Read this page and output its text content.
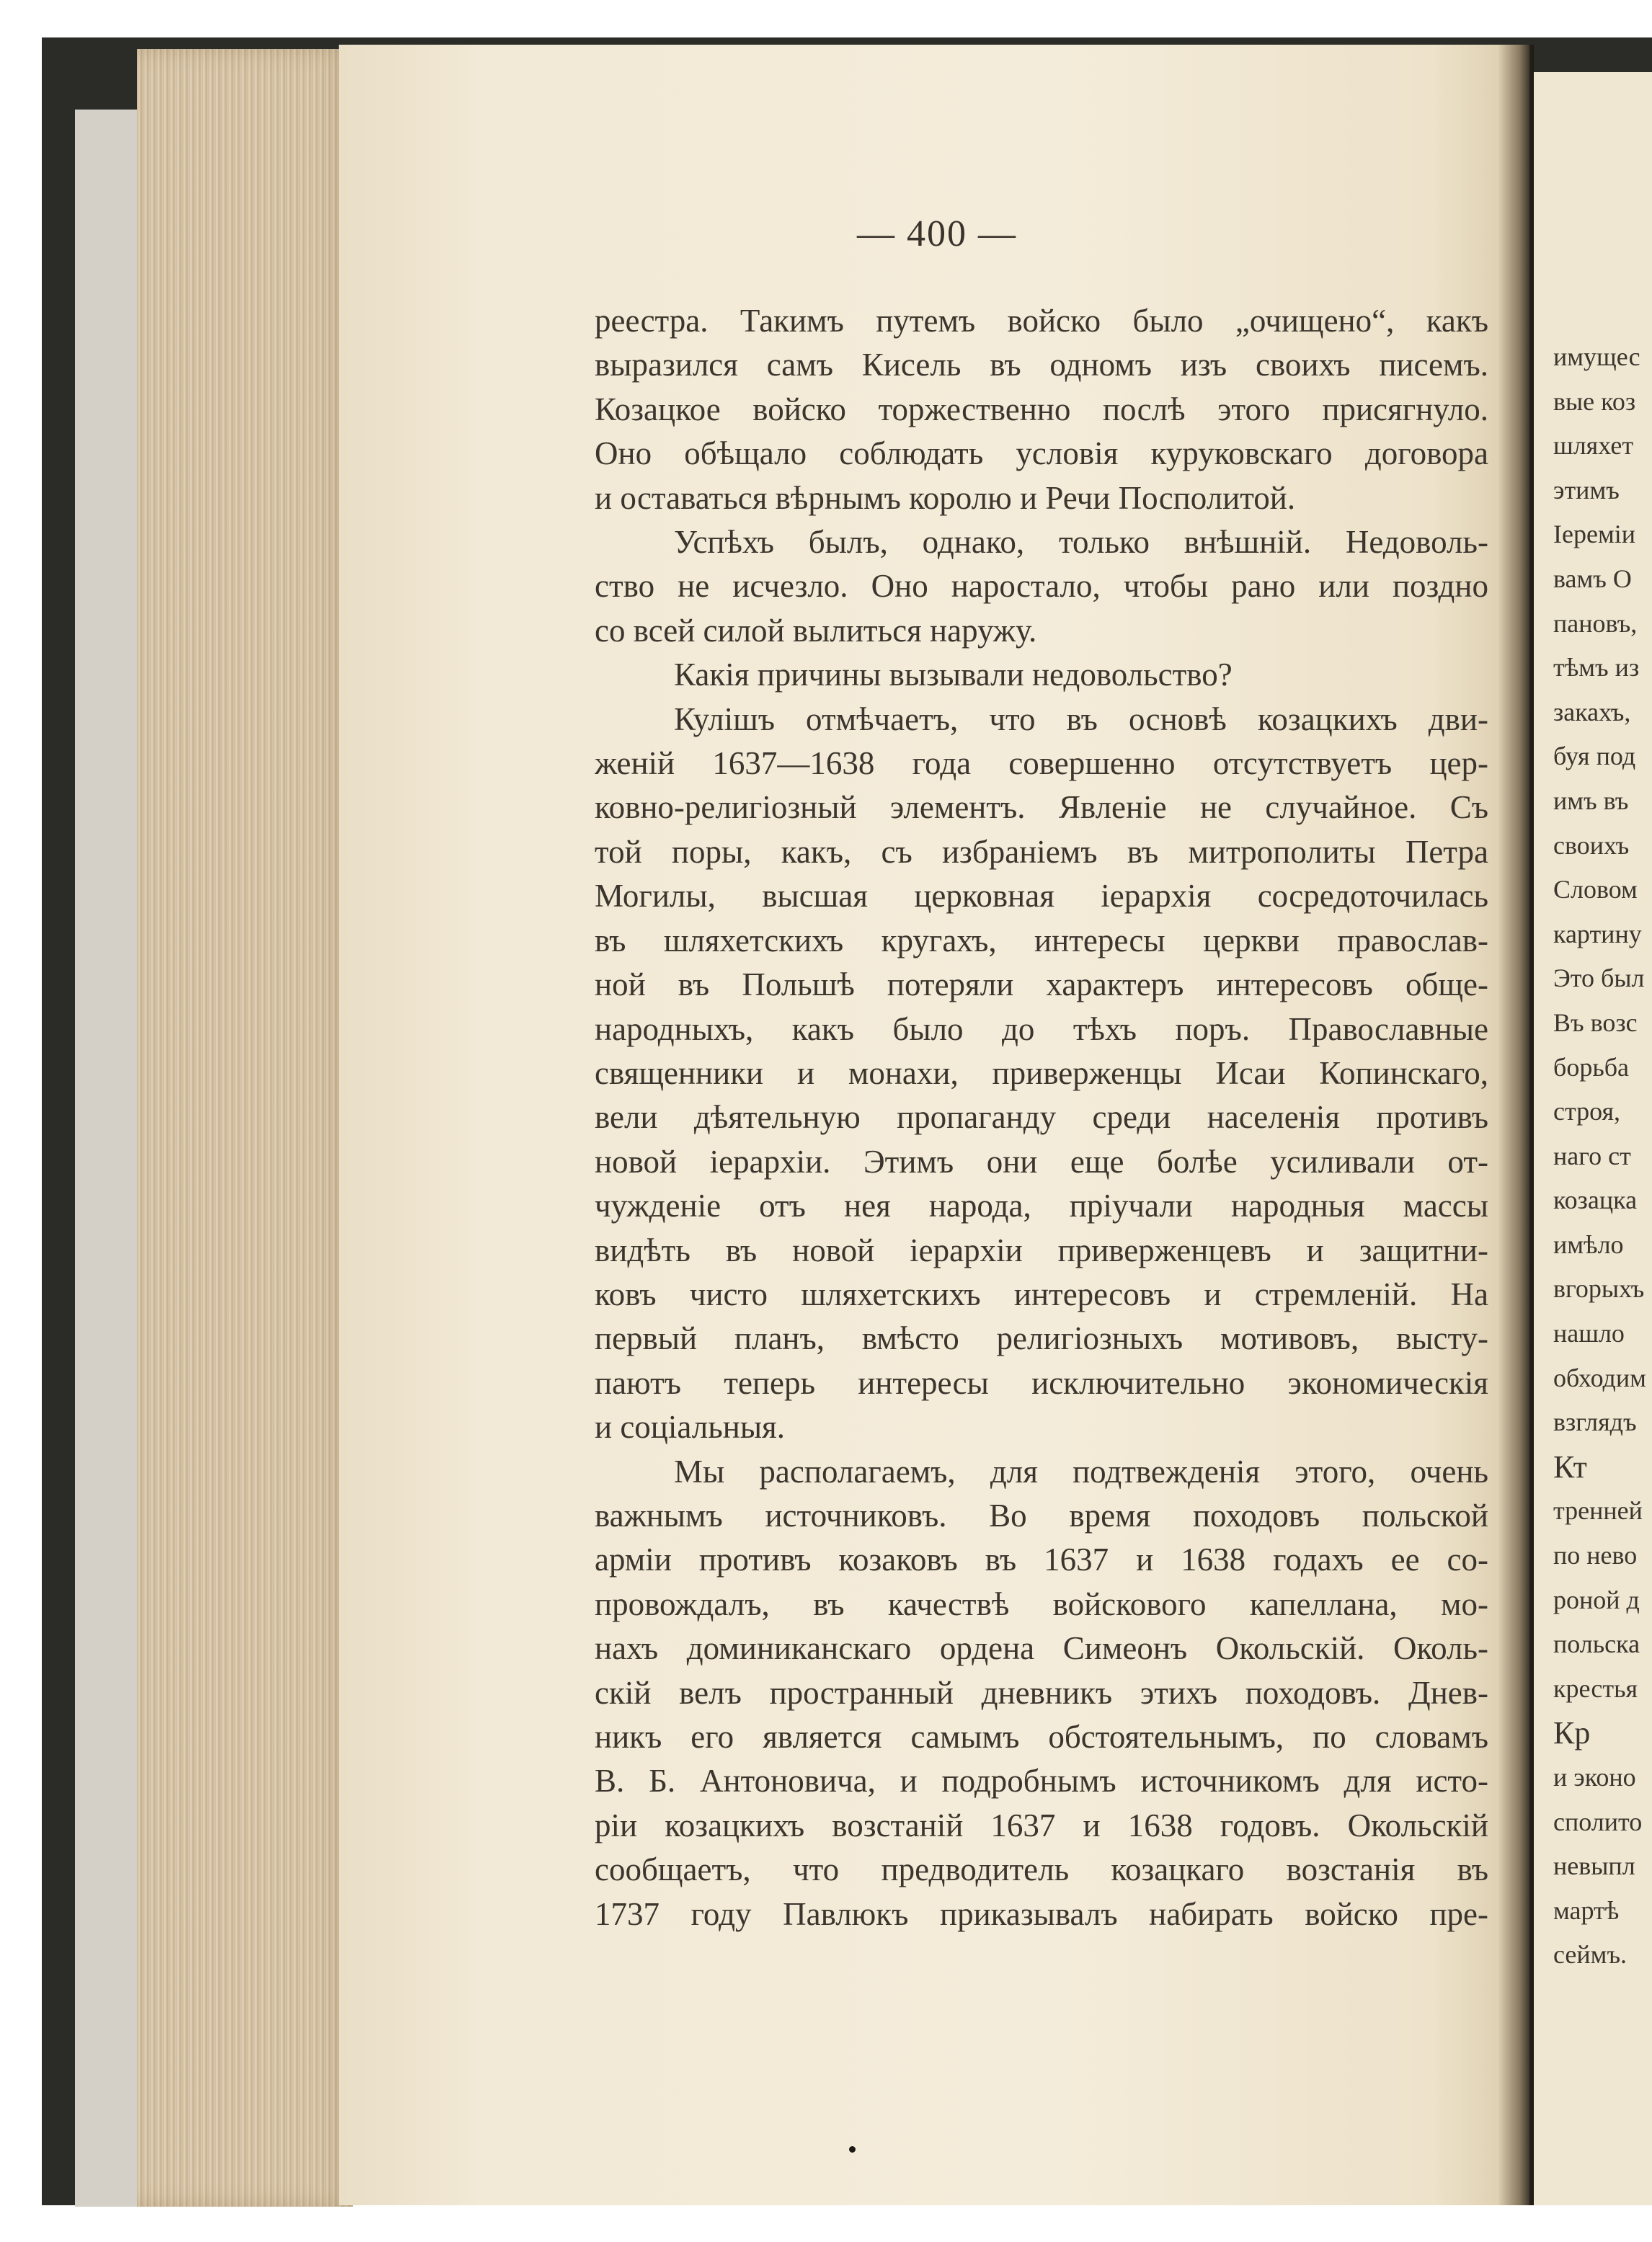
— 400 —
реестра. Такимъ путемъ войско было „очищено“, какъ
выразился самъ Кисель въ одномъ изъ своихъ писемъ.
Козацкое войско торжественно послѣ этого присягнуло.
Оно обѣщало соблюдать условія куруковскаго договора
и оставаться вѣрнымъ королю и Речи Посполитой.
Успѣхъ былъ, однако, только внѣшній. Недоволь-
ство не исчезло. Оно наростало, чтобы рано или поздно
со всей силой вылиться наружу.
Какія причины вызывали недовольство?
Кулішъ отмѣчаетъ, что въ основѣ козацкихъ дви-
женій 1637—1638 года совершенно отсутствуетъ цер-
ковно-религіозный элементъ. Явленіе не случайное. Съ
той поры, какъ, съ избраніемъ въ митрополиты Петра
Могилы, высшая церковная іерархія сосредоточилась
въ шляхетскихъ кругахъ, интересы церкви православ-
ной въ Польшѣ потеряли характеръ интересовъ обще-
народныхъ, какъ было до тѣхъ поръ. Православные
священники и монахи, приверженцы Исаи Копинскаго,
вели дѣятельную пропаганду среди населенія противъ
новой іерархіи. Этимъ они еще болѣе усиливали от-
чужденіе отъ нея народа, пріучали народныя массы
видѣть въ новой іерархіи приверженцевъ и защитни-
ковъ чисто шляхетскихъ интересовъ и стремленій. На
первый планъ, вмѣсто религіозныхъ мотивовъ, высту-
паютъ теперь интересы исключительно экономическія
и соціальныя.
Мы располагаемъ, для подтвежденія этого, очень
важнымъ источниковъ. Во время походовъ польской
арміи противъ козаковъ въ 1637 и 1638 годахъ ее со-
провождалъ, въ качествѣ войскового капеллана, мо-
нахъ доминиканскаго ордена Симеонъ Окольскій. Околь-
скій велъ пространный дневникъ этихъ походовъ. Днев-
никъ его является самымъ обстоятельнымъ, по словамъ
В. Б. Антоновича, и подробнымъ источникомъ для исто-
ріи козацкихъ возстаній 1637 и 1638 годовъ. Окольскій
сообщаетъ, что предводитель козацкаго возстанія въ
1737 году Павлюкъ приказывалъ набирать войско пре-
имущес
вые коз
шляхет
этимъ
Іереміи
вамъ О
пановъ,
тѣмъ из
закахъ,
буя под
имъ въ
своихъ
Словом
картину
Это был
Въ возс
борьба
строя,
наго ст
козацка
имѣло
вгорыхъ
нашло
обходим
взглядъ
Кт
тренней
по нево
роной д
польска
крестья
Кр
и эконо
сполито
невыпл
мартѣ
сеймъ.
